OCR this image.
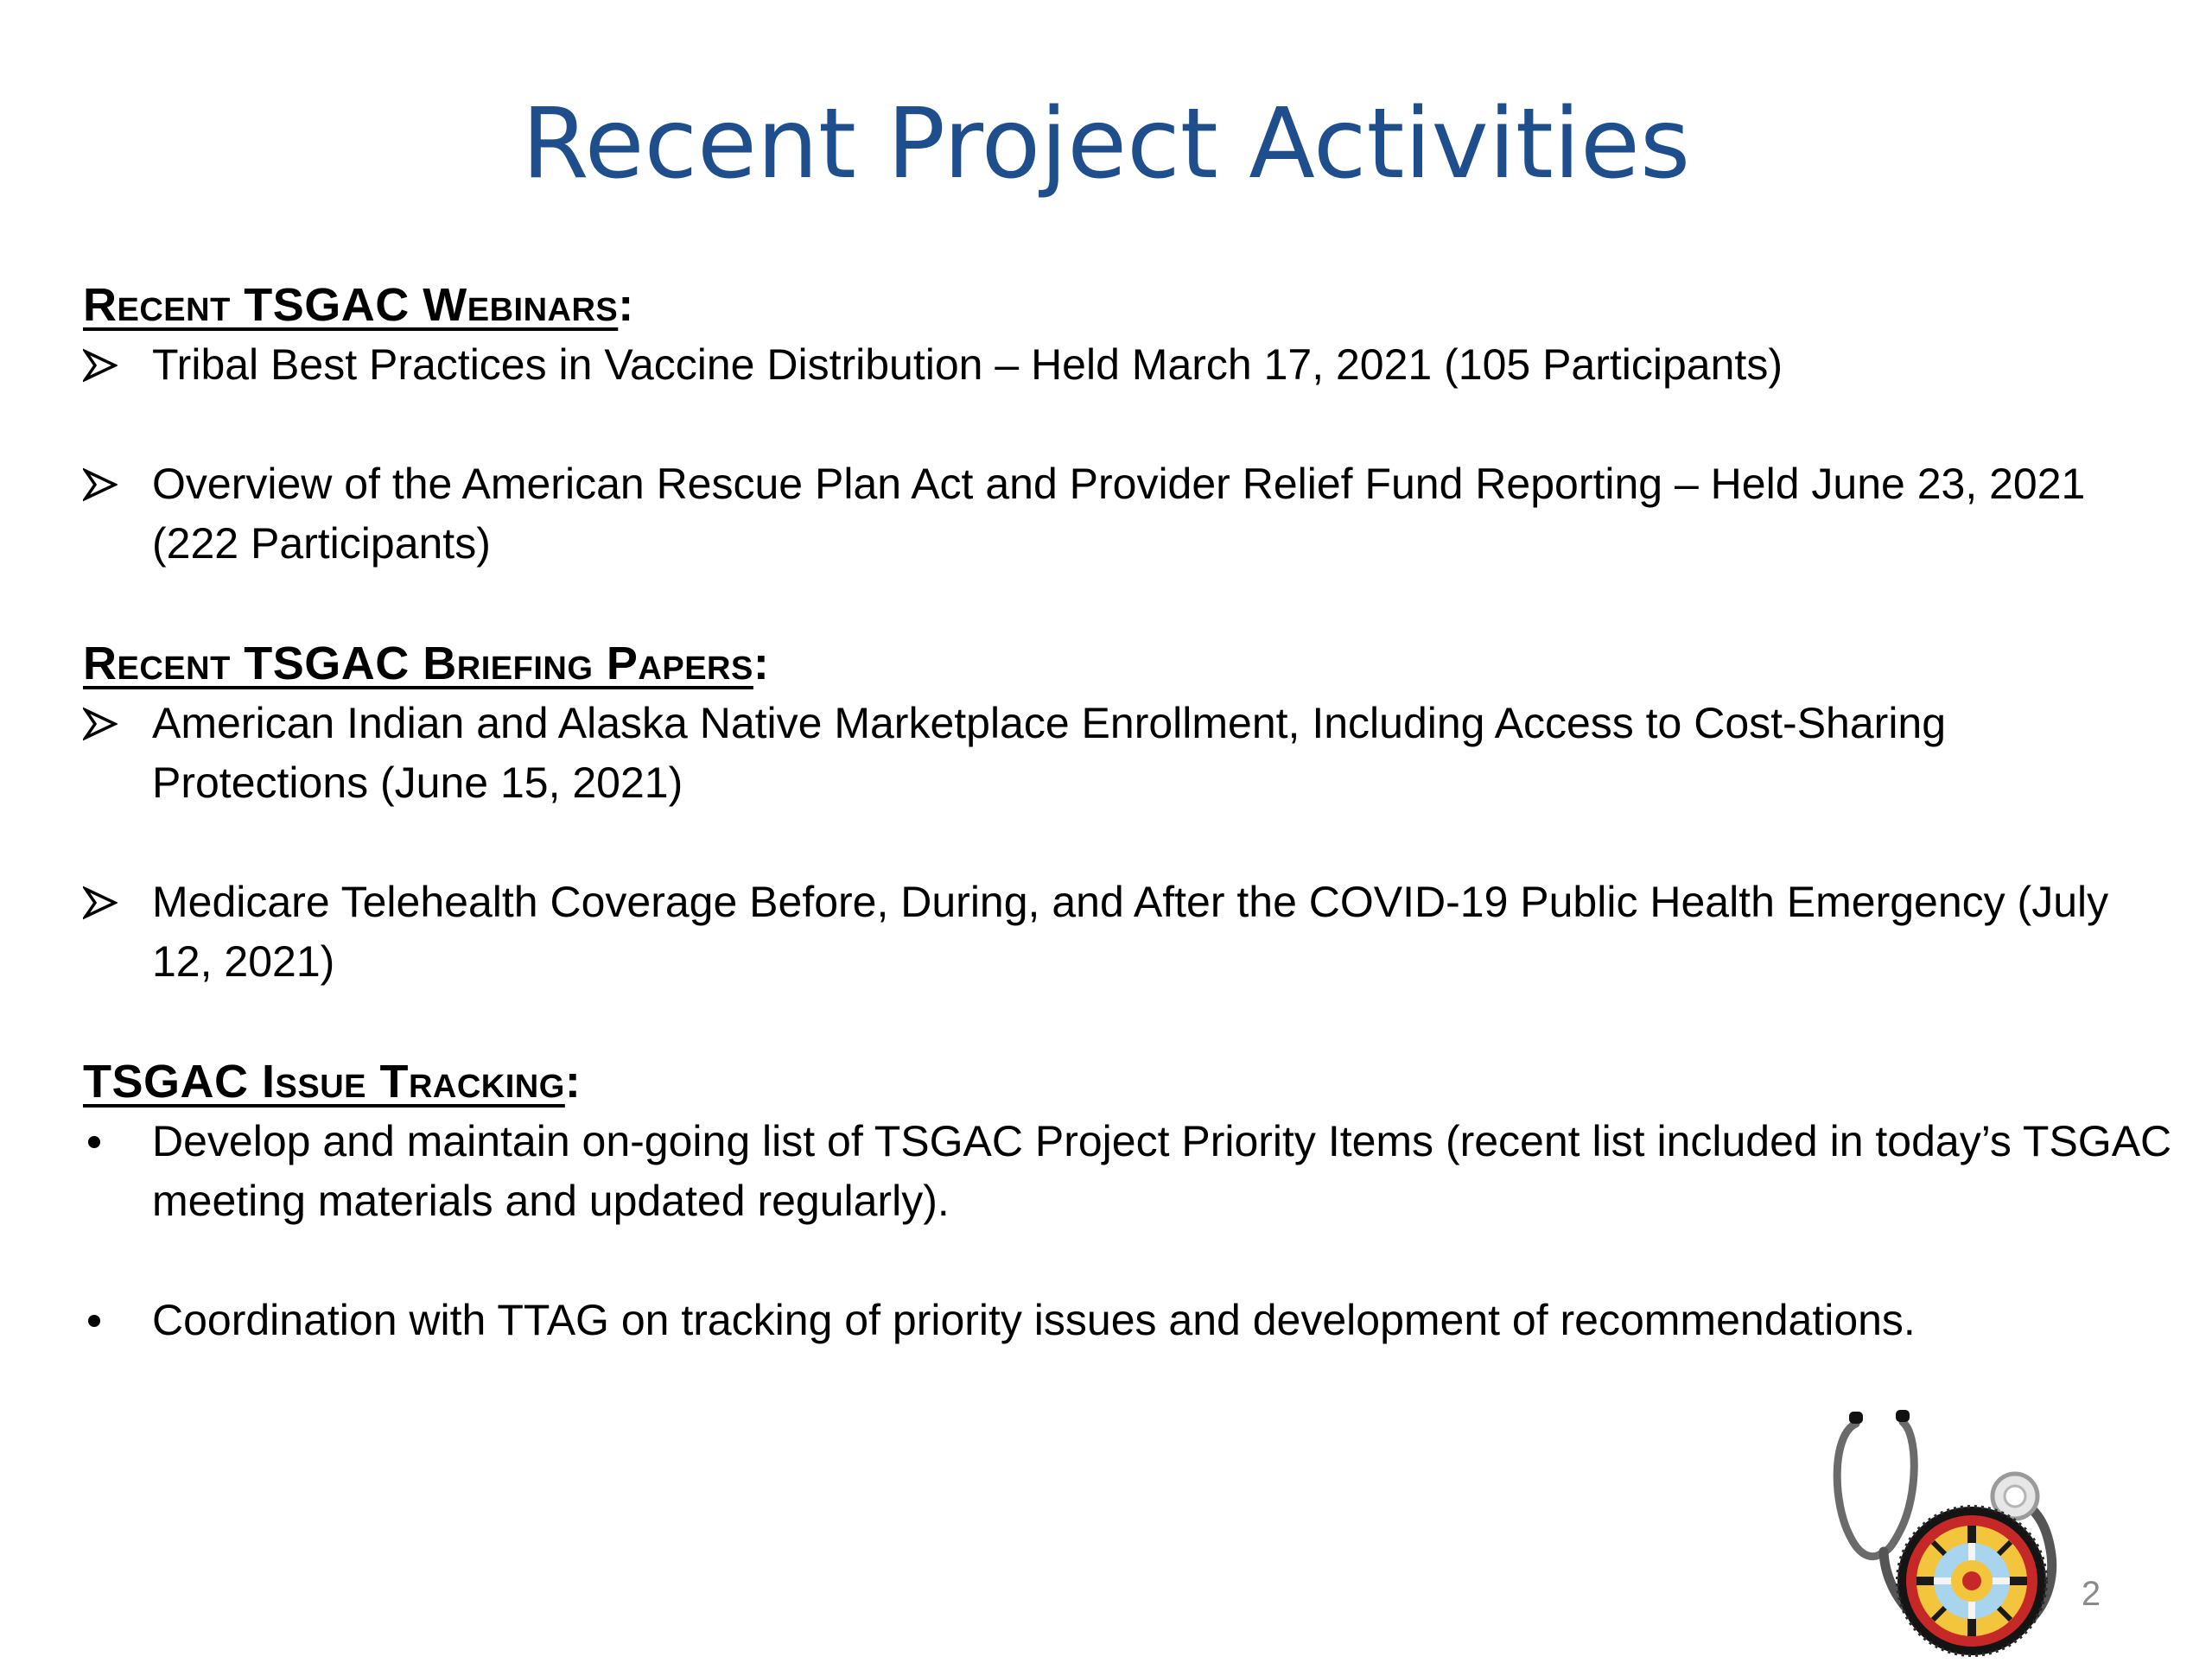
Recent Project Activities

Recent TSGAC Webinars:

Tribal Best Practices in Vaccine Distribution – Held March 17, 2021 (105 Participants)
Overview of the American Rescue Plan Act and Provider Relief Fund Reporting – Held June 23, 2021 (222 Participants)

Recent TSGAC Briefing Papers:

American Indian and Alaska Native Marketplace Enrollment, Including Access to Cost-Sharing Protections (June 15, 2021)
Medicare Telehealth Coverage Before, During, and After the COVID-19 Public Health Emergency (July 12, 2021)

TSGAC Issue Tracking:

Develop and maintain on-going list of TSGAC Project Priority Items (recent list included in today’s TSGAC meeting materials and updated regularly).
Coordination with TTAG on tracking of priority issues and development of recommendations.
2
